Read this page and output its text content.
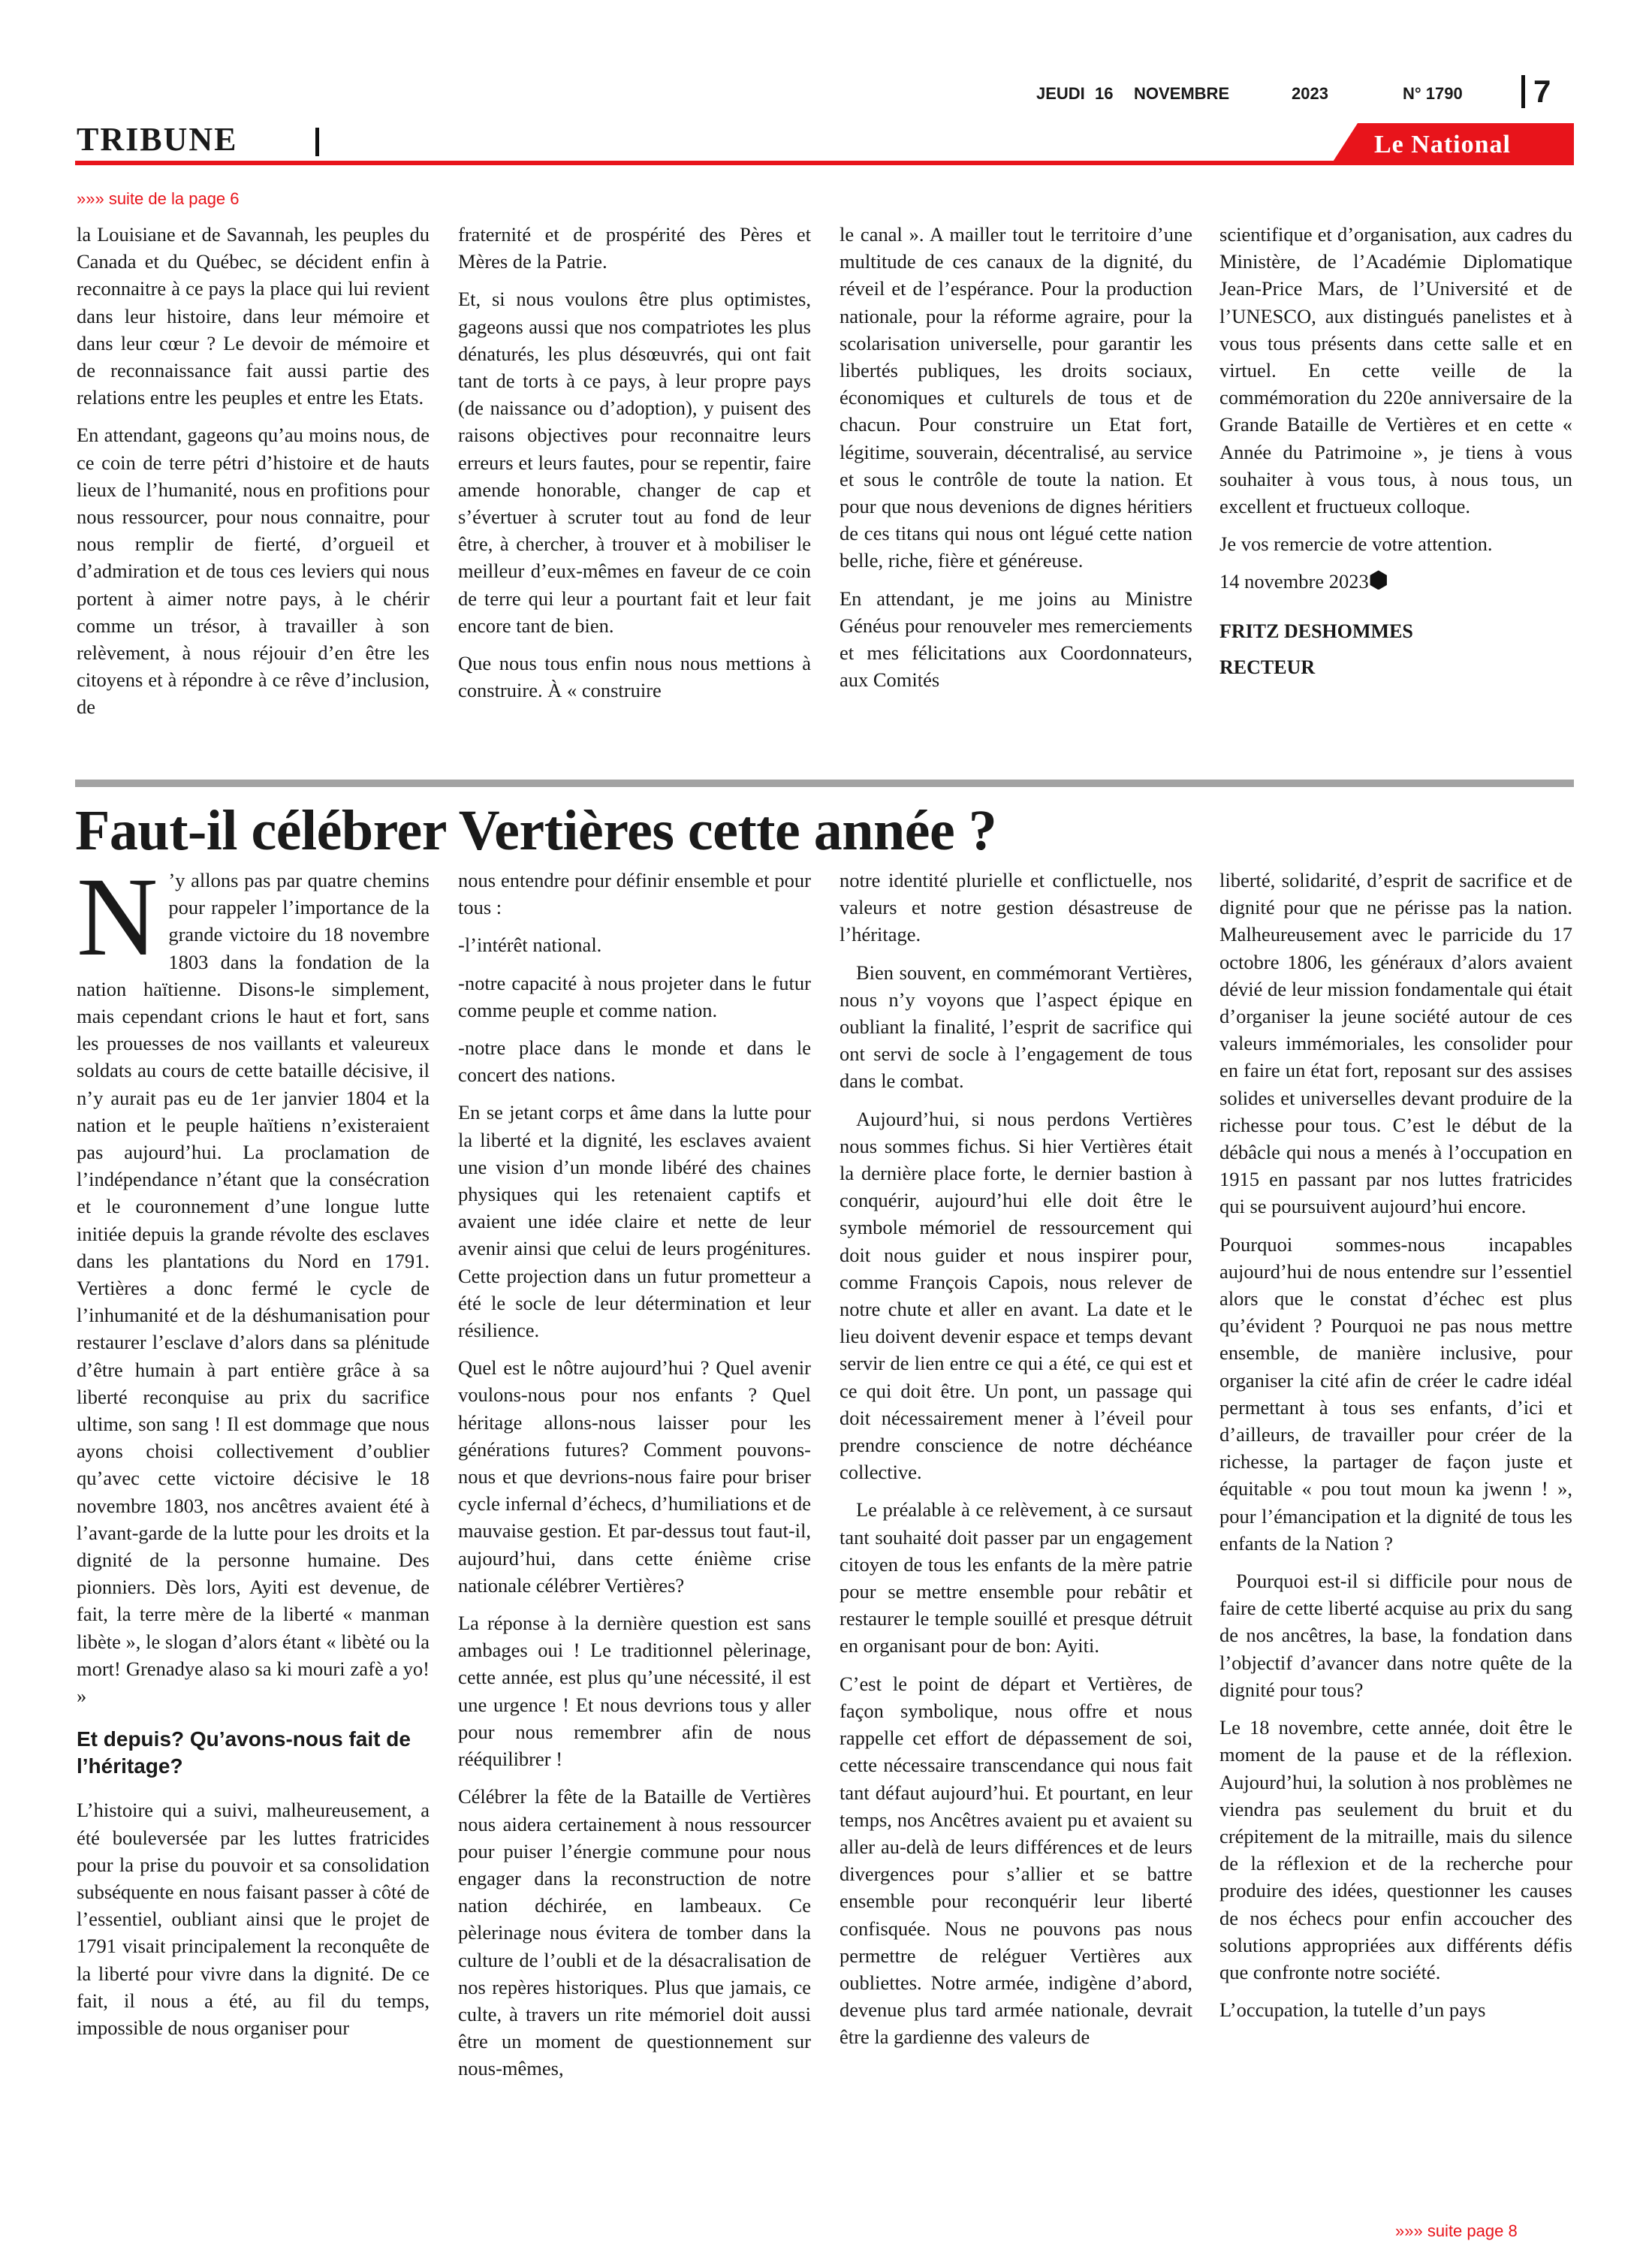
JEUDI 16 NOVEMBRE	2023	N° 1790 7
TRIBUNE	Le National
»»» suite de la page 6

la Louisiane et de Savannah, les peuples du Canada et du Québec, se décident enfin à reconnaitre à ce pays la place qui lui revient dans leur histoire, dans leur mémoire et dans leur cœur ? Le devoir de mémoire et de reconnaissance fait aussi partie des relations entre les peuples et entre les Etats.

En attendant, gageons qu’au moins nous, de ce coin de terre pétri d’histoire et de hauts lieux de l’humanité, nous en profitions pour nous ressourcer, pour nous connaitre, pour nous remplir de fierté, d’orgueil et d’admiration et de tous ces leviers qui nous portent à aimer notre pays, à le chérir comme un trésor, à travailler à son relèvement, à nous réjouir d’en être les citoyens et à répondre à ce rêve d’inclusion, de

fraternité et de prospérité des Pères et Mères de la Patrie.

Et, si nous voulons être plus optimistes, gageons aussi que nos compatriotes les plus dénaturés, les plus désœuvrés, qui ont fait tant de torts à ce pays, à leur propre pays (de naissance ou d’adoption), y puisent des raisons objectives pour reconnaitre leurs erreurs et leurs fautes, pour se repentir, faire amende honorable, changer de cap et s’évertuer à scruter tout au fond de leur être, à chercher, à trouver et à mobiliser le meilleur d’eux-mêmes en faveur de ce coin de terre qui leur a pourtant fait et leur fait encore tant de bien.

Que nous tous enfin nous nous mettions à construire. À « construire

le canal ». A mailler tout le territoire d’une multitude de ces canaux de la dignité, du réveil et de l’espérance. Pour la production nationale, pour la réforme agraire, pour la scolarisation universelle, pour garantir les libertés publiques, les droits sociaux, économiques et culturels de tous et de chacun. Pour construire un Etat fort, légitime, souverain, décentralisé, au service et sous le contrôle de toute la nation. Et pour que nous devenions de dignes héritiers de ces titans qui nous ont légué cette nation belle, riche, fière et généreuse.

En attendant, je me joins au Ministre Généus pour renouveler mes remerciements et mes félicitations aux Coordonnateurs, aux Comités

scientifique et d’organisation, aux cadres du Ministère, de l’Académie Diplomatique Jean-Price Mars, de l’Université et de l’UNESCO, aux distingués panelistes et à vous tous présents dans cette salle et en virtuel. En cette veille de la commémoration du 220e anniversaire de la Grande Bataille de Vertières et en cette « Année du Patrimoine », je tiens à vous souhaiter à vous tous, à nous tous, un excellent et fructueux colloque.

Je vos remercie de votre attention.

14 novembre 2023

FRITZ DESHOMMES

RECTEUR

Faut-il célébrer Vertières cette année ?

N ’y allons pas par quatre chemins pour rappeler l’importance de la grande victoire du 18 novembre 1803 dans la fondation de la nation haïtienne. Disons-le simplement, mais cependant crions le haut et fort, sans les prouesses de nos vaillants et valeureux soldats au cours de cette bataille décisive, il n’y aurait pas eu de 1er janvier 1804 et la nation et le peuple haïtiens n’existeraient pas aujourd’hui. La proclamation de l’indépendance n’étant que la consécration et le couronnement d’une longue lutte initiée depuis la grande révolte des esclaves dans les plantations du Nord en 1791. Vertières a donc fermé le cycle de l’inhumanité et de la déshumanisation pour restaurer l’esclave d’alors dans sa plénitude d’être humain à part entière grâce à sa liberté reconquise au prix du sacrifice ultime, son sang ! Il est dommage que nous ayons choisi collectivement d’oublier qu’avec cette victoire décisive le 18 novembre 1803, nos ancêtres avaient été à l’avant-garde de la lutte pour les droits et la dignité de la personne humaine. Des pionniers. Dès lors, Ayiti est devenue, de fait, la terre mère de la liberté « manman libète », le slogan d’alors étant « libèté ou la mort! Grenadye alaso sa ki mouri zafè a yo! »

Et depuis? Qu’avons-nous fait de l’héritage?

L’histoire qui a suivi, malheureusement, a été bouleversée par les luttes fratricides pour la prise du pouvoir et sa consolidation subséquente en nous faisant passer à côté de l’essentiel, oubliant ainsi que le projet de 1791 visait principalement la reconquête de la liberté pour vivre dans la dignité. De ce fait, il nous a été, au fil du temps, impossible de nous organiser pour

nous entendre pour définir ensemble et pour tous :

-l’intérêt national.

-notre capacité à nous projeter dans le futur comme peuple et comme nation.

-notre place dans le monde et dans le concert des nations.

En se jetant corps et âme dans la lutte pour la liberté et la dignité, les esclaves avaient une vision d’un monde libéré des chaines physiques qui les retenaient captifs et avaient une idée claire et nette de leur avenir ainsi que celui de leurs progénitures. Cette projection dans un futur prometteur a été le socle de leur détermination et leur résilience.

Quel est le nôtre aujourd’hui ? Quel avenir voulons-nous pour nos enfants ? Quel héritage allons-nous laisser pour les générations futures? Comment pouvons-nous et que devrions-nous faire pour briser cycle infernal d’échecs, d’humiliations et de mauvaise gestion. Et par-dessus tout faut-il, aujourd’hui, dans cette énième crise nationale célébrer Vertières?

La réponse à la dernière question est sans ambages oui ! Le traditionnel pèlerinage, cette année, est plus qu’une nécessité, il est une urgence ! Et nous devrions tous y aller pour nous remembrer afin de nous rééquilibrer !

Célébrer la fête de la Bataille de Vertières nous aidera certainement à nous ressourcer pour puiser l’énergie commune pour nous engager dans la reconstruction de notre nation déchirée, en lambeaux. Ce pèlerinage nous évitera de tomber dans la culture de l’oubli et de la désacralisation de nos repères historiques. Plus que jamais, ce culte, à travers un rite mémoriel doit aussi être un moment de questionnement sur nous-mêmes,

notre identité plurielle et conflictuelle, nos valeurs et notre gestion désastreuse de l’héritage.

Bien souvent, en commémorant Vertières, nous n’y voyons que l’aspect épique en oubliant la finalité, l’esprit de sacrifice qui ont servi de socle à l’engagement de tous dans le combat.

Aujourd’hui, si nous perdons Vertières nous sommes fichus. Si hier Vertières était la dernière place forte, le dernier bastion à conquérir, aujourd’hui elle doit être le symbole mémoriel de ressourcement qui doit nous guider et nous inspirer pour, comme François Capois, nous relever de notre chute et aller en avant. La date et le lieu doivent devenir espace et temps devant servir de lien entre ce qui a été, ce qui est et ce qui doit être. Un pont, un passage qui doit nécessairement mener à l’éveil pour prendre conscience de notre déchéance collective.

Le préalable à ce relèvement, à ce sursaut tant souhaité doit passer par un engagement citoyen de tous les enfants de la mère patrie pour se mettre ensemble pour rebâtir et restaurer le temple souillé et presque détruit en organisant pour de bon: Ayiti.

C’est le point de départ et Vertières, de façon symbolique, nous offre et nous rappelle cet effort de dépassement de soi, cette nécessaire transcendance qui nous fait tant défaut aujourd’hui. Et pourtant, en leur temps, nos Ancêtres avaient pu et avaient su aller au-delà de leurs différences et de leurs divergences pour s’allier et se battre ensemble pour reconquérir leur liberté confisquée. Nous ne pouvons pas nous permettre de reléguer Vertières aux oubliettes. Notre armée, indigène d’abord, devenue plus tard armée nationale, devrait être la gardienne des valeurs de

liberté, solidarité, d’esprit de sacrifice et de dignité pour que ne périsse pas la nation. Malheureusement avec le parricide du 17 octobre 1806, les généraux d’alors avaient dévié de leur mission fondamentale qui était d’organiser la jeune société autour de ces valeurs immémoriales, les consolider pour en faire un état fort, reposant sur des assises solides et universelles devant produire de la richesse pour tous. C’est le début de la débâcle qui nous a menés à l’occupation en 1915 en passant par nos luttes fratricides qui se poursuivent aujourd’hui encore.

Pourquoi sommes-nous incapables aujourd’hui de nous entendre sur l’essentiel alors que le constat d’échec est plus qu’évident ? Pourquoi ne pas nous mettre ensemble, de manière inclusive, pour organiser la cité afin de créer le cadre idéal permettant à tous ses enfants, d’ici et d’ailleurs, de travailler pour créer de la richesse, la partager de façon juste et équitable « pou tout moun ka jwenn ! », pour l’émancipation et la dignité de tous les enfants de la Nation ?

Pourquoi est-il si difficile pour nous de faire de cette liberté acquise au prix du sang de nos ancêtres, la base, la fondation dans l’objectif d’avancer dans notre quête de la dignité pour tous?

Le 18 novembre, cette année, doit être le moment de la pause et de la réflexion. Aujourd’hui, la solution à nos problèmes ne viendra pas seulement du bruit et du crépitement de la mitraille, mais du silence de la réflexion et de la recherche pour produire des idées, questionner les causes de nos échecs pour enfin accoucher des solutions appropriées aux différents défis que confronte notre société.

L’occupation, la tutelle d’un pays

»»» suite page 8
